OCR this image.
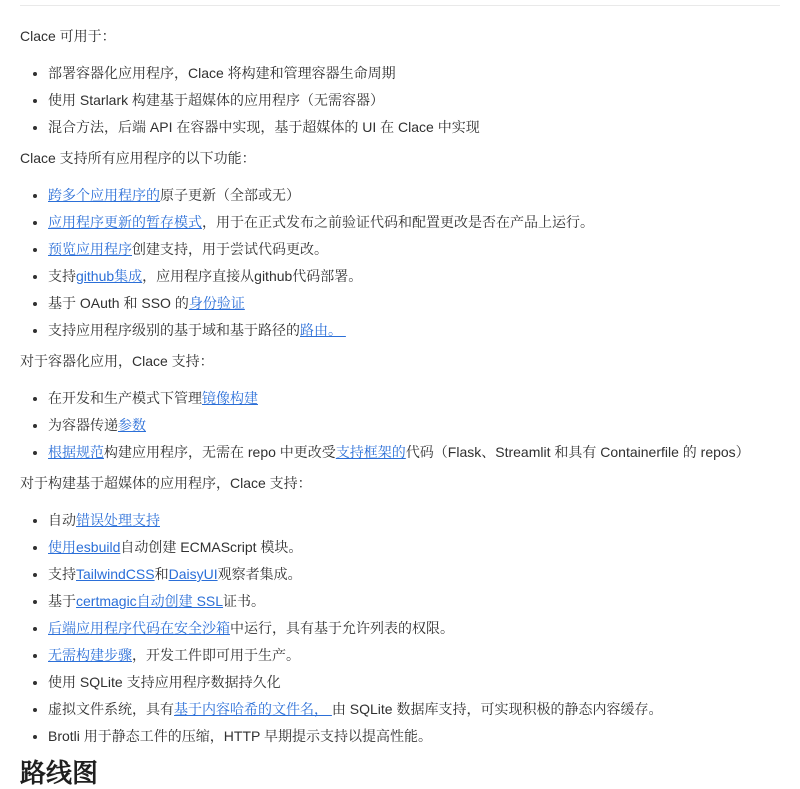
Clace 可用于：

• 部署容器化应用程序，Clace 将构建和管理容器生命周期
• 使用 Starlark 构建基于超媒体的应用程序（无需容器）
• 混合方法，后端 API 在容器中实现，基于超媒体的 UI 在 Clace 中实现

Clace 支持所有应用程序的以下功能：

• 跨多个应用程序的原子更新（全部或无）
• 应用程序更新的暂存模式，用于在正式发布之前验证代码和配置更改是否在产品上运行。
• 预览应用程序创建支持，用于尝试代码更改。
• 支持github集成，应用程序直接从github代码部署。
• 基于 OAuth 和 SSO 的身份验证
• 支持应用程序级别的基于域和基于路径的路由。

对于容器化应用，Clace 支持：

• 在开发和生产模式下管理镜像构建
• 为容器传递参数
• 根据规范构建应用程序，无需在 repo 中更改受支持框架的代码（Flask、Streamlit 和具有 Containerfile 的 repos）

对于构建基于超媒体的应用程序，Clace 支持：

• 自动错误处理支持
• 使用esbuild自动创建 ECMAScript 模块。
• 支持TailwindCSS和DaisyUI观察者集成。
• 基于certmagic自动创建 SSL证书。
• 后端应用程序代码在安全沙箱中运行，具有基于允许列表的权限。
• 无需构建步骤，开发工件即可用于生产。
• 使用 SQLite 支持应用程序数据持久化
• 虚拟文件系统，具有基于内容哈希的文件名， 由 SQLite 数据库支持，可实现积极的静态内容缓存。
• Brotli 用于静态工件的压缩，HTTP 早期提示支持以提高性能。
路线图
